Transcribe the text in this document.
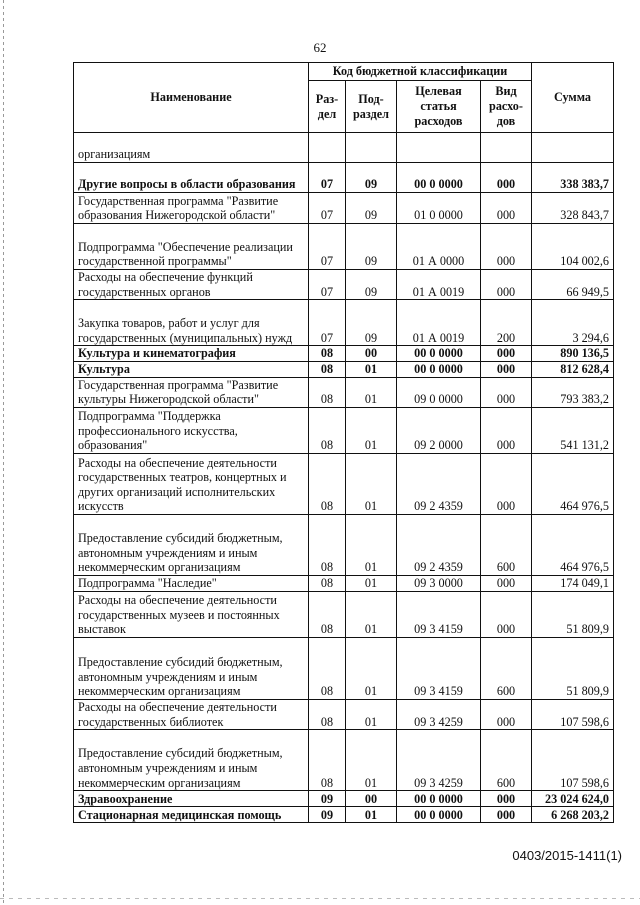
62
Наименование	Код бюджетной классификации				Сумма
	Раз-дел	Под-раздел	Целевая статья расходов	Вид расхо-дов	
организациям					
Другие вопросы в области образования	07	09	00 0 0000	000	338 383,7
Государственная программа "Развитие образования Нижегородской области"	07	09	01 0 0000	000	328 843,7
Подпрограмма "Обеспечение реализации государственной программы"	07	09	01 А 0000	000	104 002,6
Расходы на обеспечение функций государственных органов	07	09	01 А 0019	000	66 949,5
Закупка товаров, работ и услуг для государственных (муниципальных) нужд	07	09	01 А 0019	200	3 294,6
Культура и кинематография	08	00	00 0 0000	000	890 136,5
Культура	08	01	00 0 0000	000	812 628,4
Государственная программа "Развитие культуры Нижегородской области"	08	01	09 0 0000	000	793 383,2
Подпрограмма "Поддержка профессионального искусства, образования"	08	01	09 2 0000	000	541 131,2
Расходы на обеспечение деятельности государственных театров, концертных и других организаций исполнительских искусств	08	01	09 2 4359	000	464 976,5
Предоставление субсидий бюджетным, автономным учреждениям и иным некоммерческим организациям	08	01	09 2 4359	600	464 976,5
Подпрограмма "Наследие"	08	01	09 3 0000	000	174 049,1
Расходы на обеспечение деятельности государственных музеев и постоянных выставок	08	01	09 3 4159	000	51 809,9
Предоставление субсидий бюджетным, автономным учреждениям и иным некоммерческим организациям	08	01	09 3 4159	600	51 809,9
Расходы на обеспечение деятельности государственных библиотек	08	01	09 3 4259	000	107 598,6
Предоставление субсидий бюджетным, автономным учреждениям и иным некоммерческим организациям	08	01	09 3 4259	600	107 598,6
Здравоохранение	09	00	00 0 0000	000	23 024 624,0
Стационарная медицинская помощь	09	01	00 0 0000	000	6 268 203,2
0403/2015-1411(1)
